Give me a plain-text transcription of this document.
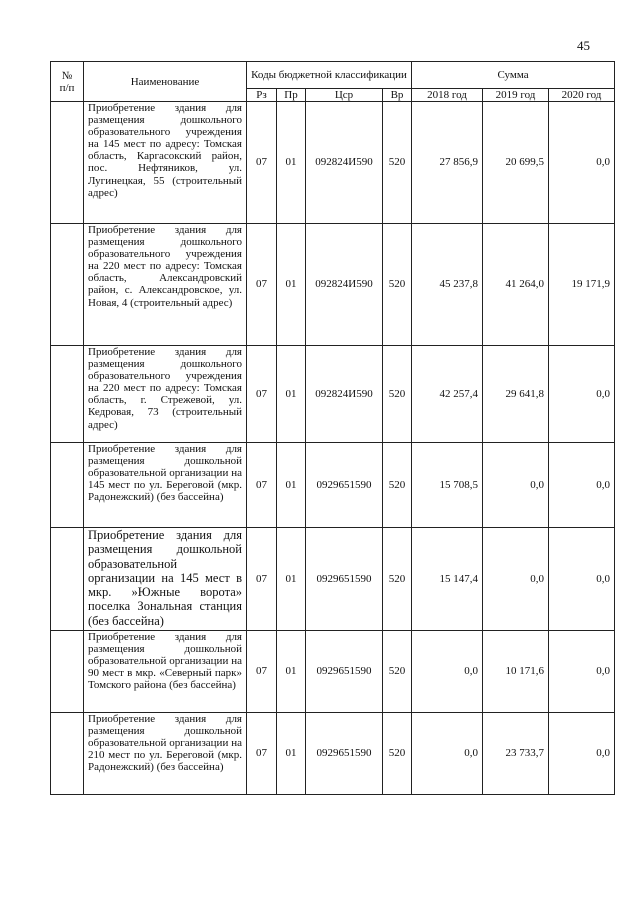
45
№
п/п	Наименование	Коды бюджетной классификации				Сумма		
		Рз	Пр	Цср	Вр	2018 год	2019 год	2020 год
	Приобретение здания для размещения дошкольного образовательного учреждения на 145 мест по адресу: Томская область, Каргасокский район, пос. Нефтяников, ул. Лугинецкая, 55 (строительный адрес)	07	01	092824И590	520	27 856,9	20 699,5	0,0
	Приобретение здания для размещения дошкольного образовательного учреждения на 220 мест по адресу: Томская область, Александровский район, с. Александровское, ул. Новая, 4 (строительный адрес)	07	01	092824И590	520	45 237,8	41 264,0	19 171,9
	Приобретение здания для размещения дошкольного образовательного учреждения на 220 мест по адресу: Томская область, г. Стрежевой, ул. Кедровая, 73 (строительный адрес)	07	01	092824И590	520	42 257,4	29 641,8	0,0
	Приобретение здания для размещения дошкольной образовательной организации на 145 мест по ул. Береговой (мкр. Радонежский) (без бассейна)	07	01	0929651590	520	15 708,5	0,0	0,0
	Приобретение здания для размещения дошкольной образовательной организации на 145 мест в мкр. »Южные ворота» поселка Зональная станция (без бассейна)	07	01	0929651590	520	15 147,4	0,0	0,0
	Приобретение здания для размещения дошкольной образовательной организации на 90 мест в мкр. «Северный парк» Томского района (без бассейна)	07	01	0929651590	520	0,0	10 171,6	0,0
	Приобретение здания для размещения дошкольной образовательной организации на 210 мест по ул. Береговой (мкр. Радонежский) (без бассейна)	07	01	0929651590	520	0,0	23 733,7	0,0
